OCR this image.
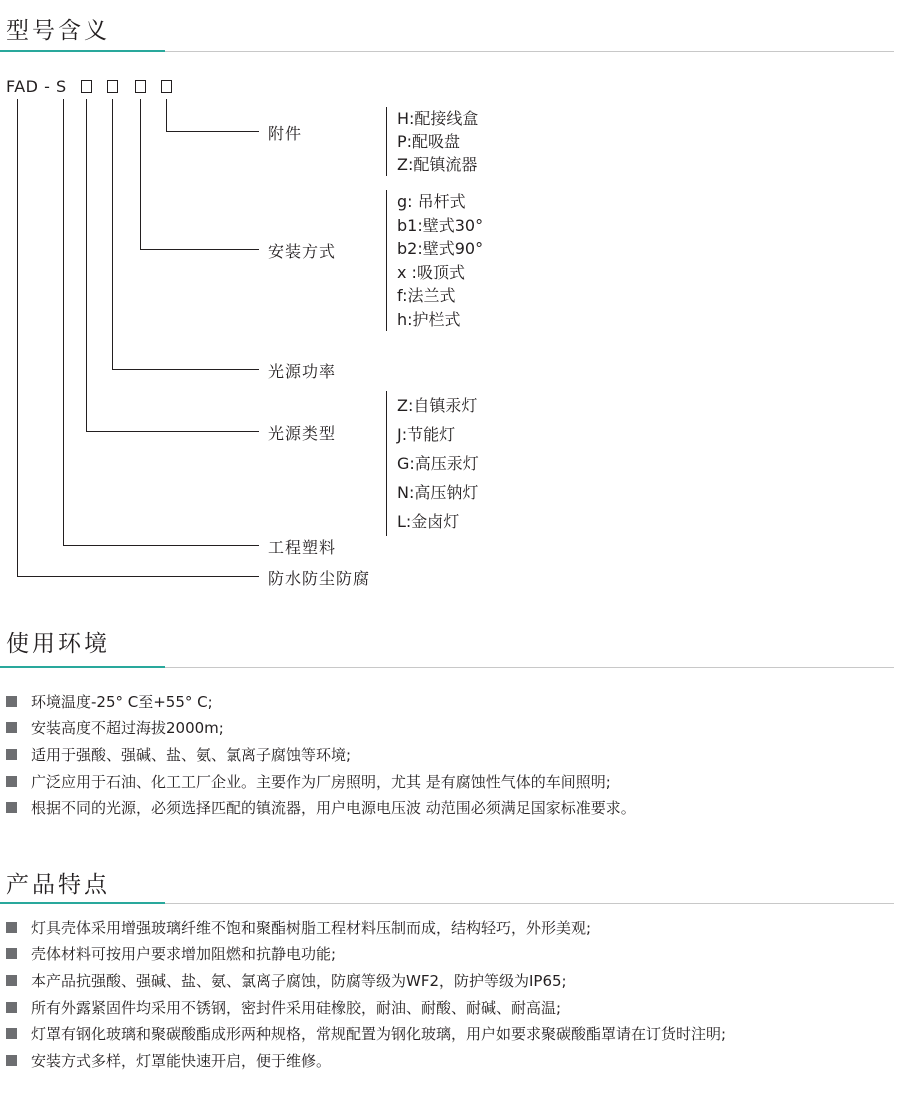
型号含义
FAD - S
附件
安装方式
光源功率
光源类型
工程塑料
防水防尘防腐
H:配接线盒
P:配吸盘
Z:配镇流器
g: 吊杆式
b1:壁式30°
b2:壁式90°
x :吸顶式
f:法兰式
h:护栏式
Z:自镇汞灯
J:节能灯
G:高压汞灯
N:高压钠灯
L:金卤灯
使用环境
环境温度-25° C至+55° C;
安装高度不超过海拔2000m;
适用于强酸、强碱、盐、氨、氯离子腐蚀等环境;
广泛应用于石油、化工工厂企业。主要作为厂房照明，尤其 是有腐蚀性气体的车间照明;
根据不同的光源，必须选择匹配的镇流器，用户电源电压波 动范围必须满足国家标准要求。
产品特点
灯具壳体采用增强玻璃纤维不饱和聚酯树脂工程材料压制而成，结构轻巧，外形美观;
壳体材料可按用户要求增加阻燃和抗静电功能;
本产品抗强酸、强碱、盐、氨、氯离子腐蚀，防腐等级为WF2，防护等级为IP65;
所有外露紧固件均采用不锈钢，密封件采用硅橡胶，耐油、耐酸、耐碱、耐高温;
灯罩有钢化玻璃和聚碳酸酯成形两种规格，常规配置为钢化玻璃，用户如要求聚碳酸酯罩请在订货时注明;
安装方式多样，灯罩能快速开启，便于维修。
